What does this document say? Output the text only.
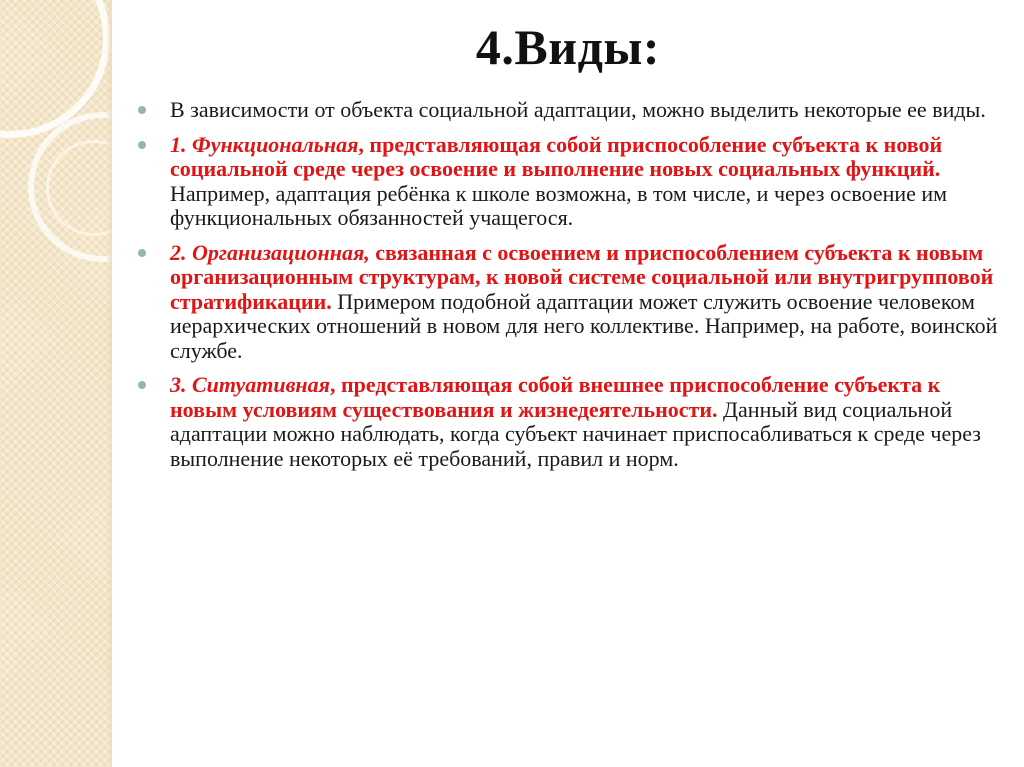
4.Виды:
В зависимости от объекта социальной адаптации, можно выделить некоторые ее виды.
1. Функциональная, представляющая собой приспособление субъекта к новой социальной среде через освоение и выполнение новых социальных функций. Например, адаптация ребёнка к школе возможна, в том числе, и через освоение им функциональных обязанностей учащегося.
2. Организационная, связанная с освоением и приспособлением субъекта к новым организационным структурам, к новой системе социальной или внутригрупповой стратификации. Примером подобной адаптации может служить освоение человеком иерархических отношений в новом для него коллективе. Например, на работе, воинской службе.
3. Ситуативная, представляющая собой внешнее приспособление субъекта к новым условиям существования и жизнедеятельности. Данный вид социальной адаптации можно наблюдать, когда субъект начинает приспосабливаться к среде через выполнение некоторых её требований, правил и норм.
